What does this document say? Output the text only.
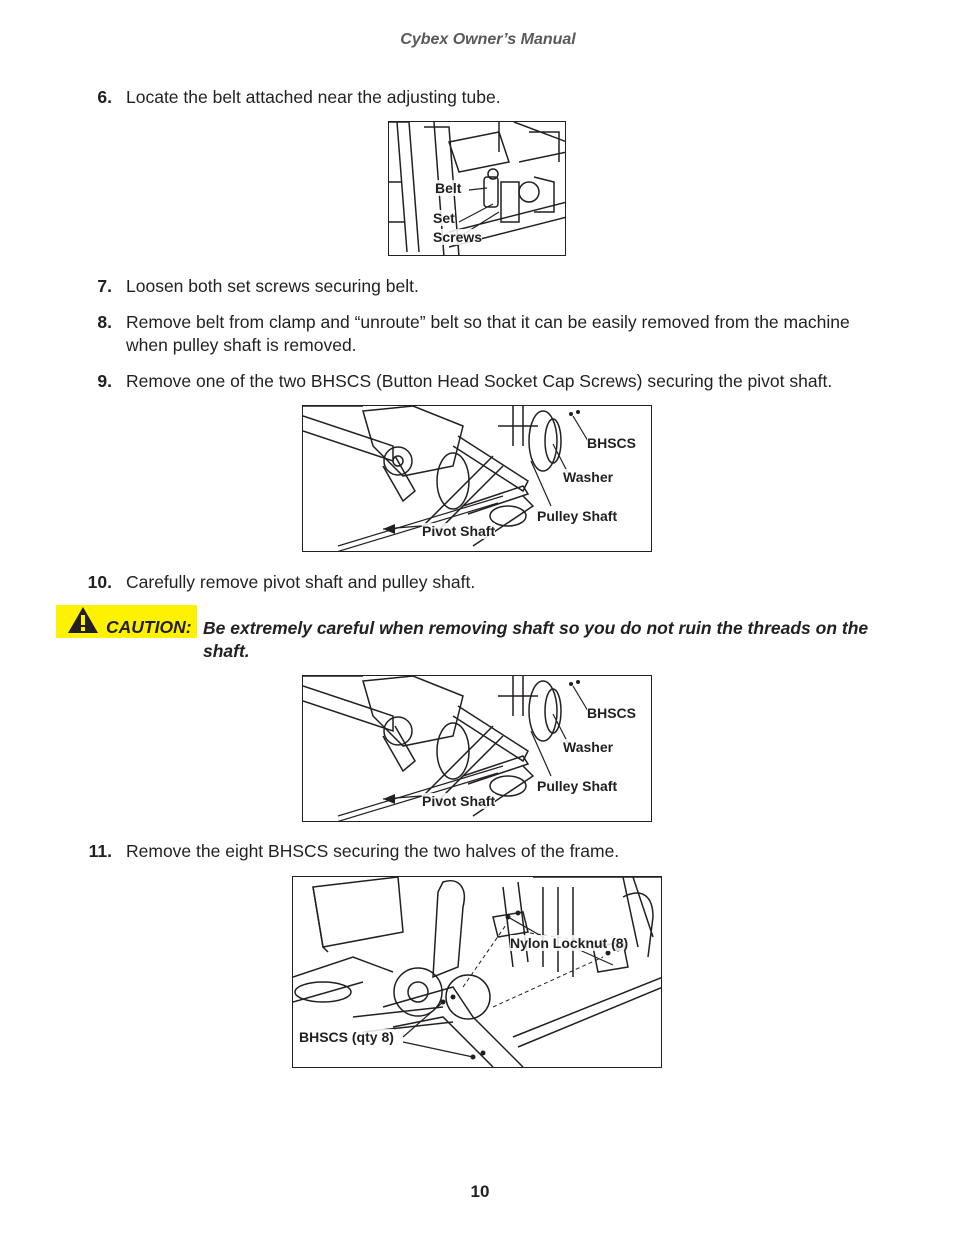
Cybex Owner’s Manual
6. Locate the belt attached near the adjusting tube.
Belt
Set
Screws
7. Loosen both set screws securing belt.
8. Remove belt from clamp and “unroute” belt so that it can be easily removed from the machine when pulley shaft is removed.
9. Remove one of the two BHSCS (Button Head Socket Cap Screws) securing the pivot shaft.
BHSCS
Washer
Pulley Shaft
Pivot Shaft
10. Carefully remove pivot shaft and pulley shaft.
CAUTION: Be extremely careful when removing shaft so you do not ruin the threads on the shaft.
BHSCS
Washer
Pulley Shaft
Pivot Shaft
11. Remove the eight BHSCS securing the two halves of the frame.
Nylon Locknut (8)
BHSCS (qty 8)
10
